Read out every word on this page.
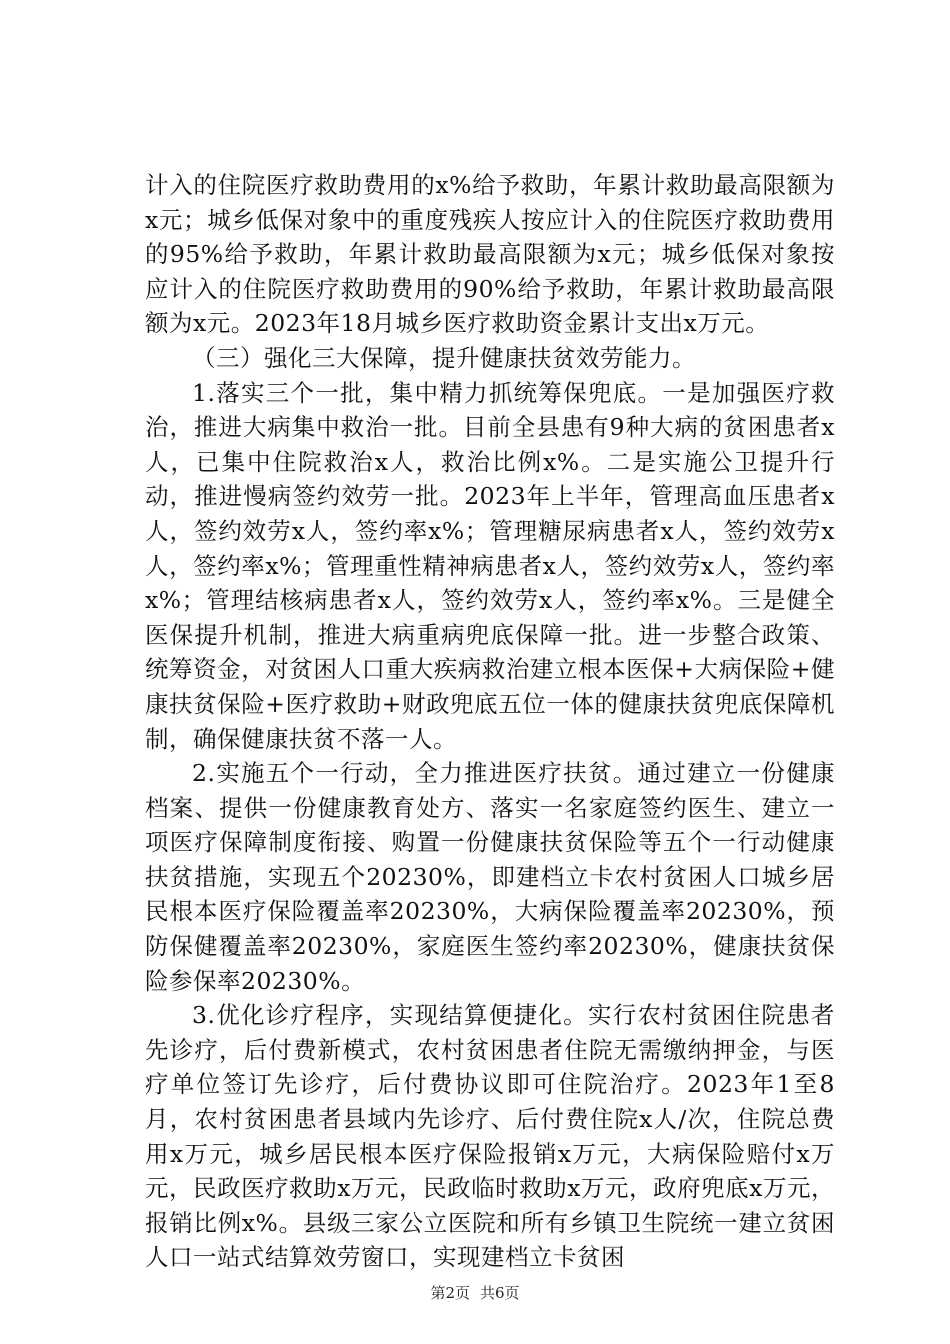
计入的住院医疗救助费用的x%给予救助，年累计救助最高限额为x元；城乡低保对象中的重度残疾人按应计入的住院医疗救助费用的95%给予救助，年累计救助最高限额为x元；城乡低保对象按应计入的住院医疗救助费用的90%给予救助，年累计救助最高限额为x元。2023年18月城乡医疗救助资金累计支出x万元。

（三）强化三大保障，提升健康扶贫效劳能力。

1.落实三个一批，集中精力抓统筹保兜底。一是加强医疗救治，推进大病集中救治一批。目前全县患有9种大病的贫困患者x人，已集中住院救治x人，救治比例x%。二是实施公卫提升行动，推进慢病签约效劳一批。2023年上半年，管理高血压患者x人，签约效劳x人，签约率x%；管理糖尿病患者x人，签约效劳x人，签约率x%；管理重性精神病患者x人，签约效劳x人，签约率x%；管理结核病患者x人，签约效劳x人，签约率x%。三是健全医保提升机制，推进大病重病兜底保障一批。进一步整合政策、统筹资金，对贫困人口重大疾病救治建立根本医保+大病保险+健康扶贫保险+医疗救助+财政兜底五位一体的健康扶贫兜底保障机制，确保健康扶贫不落一人。

2.实施五个一行动，全力推进医疗扶贫。通过建立一份健康档案、提供一份健康教育处方、落实一名家庭签约医生、建立一项医疗保障制度衔接、购置一份健康扶贫保险等五个一行动健康扶贫措施，实现五个20230%，即建档立卡农村贫困人口城乡居民根本医疗保险覆盖率20230%，大病保险覆盖率20230%，预防保健覆盖率20230%，家庭医生签约率20230%，健康扶贫保险参保率20230%。

3.优化诊疗程序，实现结算便捷化。实行农村贫困住院患者先诊疗，后付费新模式，农村贫困患者住院无需缴纳押金，与医疗单位签订先诊疗，后付费协议即可住院治疗。2023年1至8月，农村贫困患者县域内先诊疗、后付费住院x人/次，住院总费用x万元，城乡居民根本医疗保险报销x万元，大病保险赔付x万元，民政医疗救助x万元，民政临时救助x万元，政府兜底x万元，报销比例x%。县级三家公立医院和所有乡镇卫生院统一建立贫困人口一站式结算效劳窗口，实现建档立卡贫困

第2页 共6页
